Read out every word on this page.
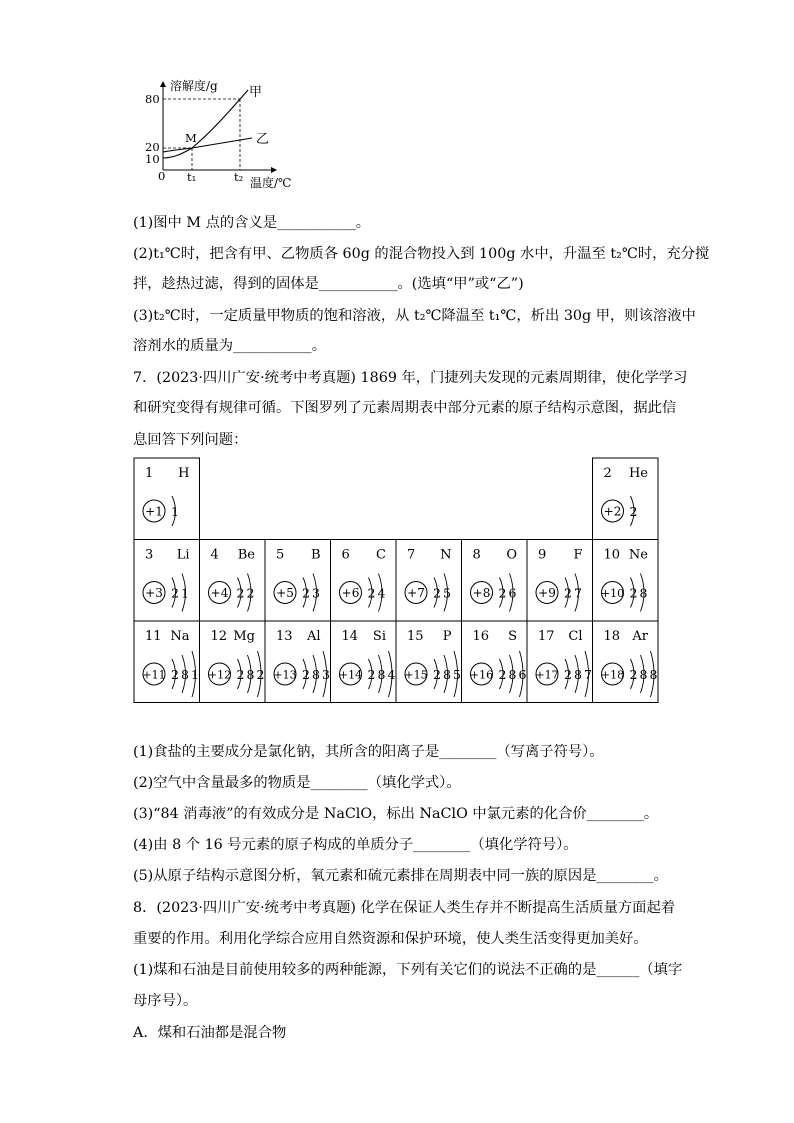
溶解度/g
温度/℃
80
20
10
0 t₁	t₂
M
甲
乙
(1)图中 M 点的含义是___________。
(2)t₁℃时，把含有甲、乙物质各 60g 的混合物投入到 100g 水中，升温至 t₂℃时，充分搅
拌，趁热过滤，得到的固体是___________。(选填“甲”或“乙”)
(3)t₂℃时，一定质量甲物质的饱和溶液，从 t₂℃降温至 t₁℃，析出 30g 甲，则该溶液中
溶剂水的质量为___________。
7．(2023·四川广安·统考中考真题) 1869 年，门捷列夫发现的元素周期律，使化学学习
和研究变得有规律可循。下图罗列了元素周期表中部分元素的原子结构示意图，据此信
息回答下列问题：
1 H
+1 1
2 He
+2 2
3 Li
+3 2 1
4 Be
+4 2 2
5 B
+5 2 3
6 C
+6 2 4
7 N
+7 2 5
8 O
+8 2 6
9 F
+9 2 7
10 Ne
+10 2 8
11 Na
+11 2 8 1
12 Mg
+12 2 8 2
13 Al
+13 2 8 3
14 Si
+14 2 8 4
15 P
+15 2 8 5
16 S
+16 2 8 6
17 Cl
+17 2 8 7
18 Ar
+18 2 8 8
(1)食盐的主要成分是氯化钠，其所含的阳离子是________（写离子符号）。
(2)空气中含量最多的物质是________（填化学式）。
(3)“84 消毒液”的有效成分是 NaClO，标出 NaClO 中氯元素的化合价________。
(4)由 8 个 16 号元素的原子构成的单质分子________（填化学符号）。
(5)从原子结构示意图分析，氧元素和硫元素排在周期表中同一族的原因是________。
8．(2023·四川广安·统考中考真题) 化学在保证人类生存并不断提高生活质量方面起着
重要的作用。利用化学综合应用自然资源和保护环境，使人类生活变得更加美好。
(1)煤和石油是目前使用较多的两种能源，下列有关它们的说法不正确的是______（填字
母序号）。
A．煤和石油都是混合物
